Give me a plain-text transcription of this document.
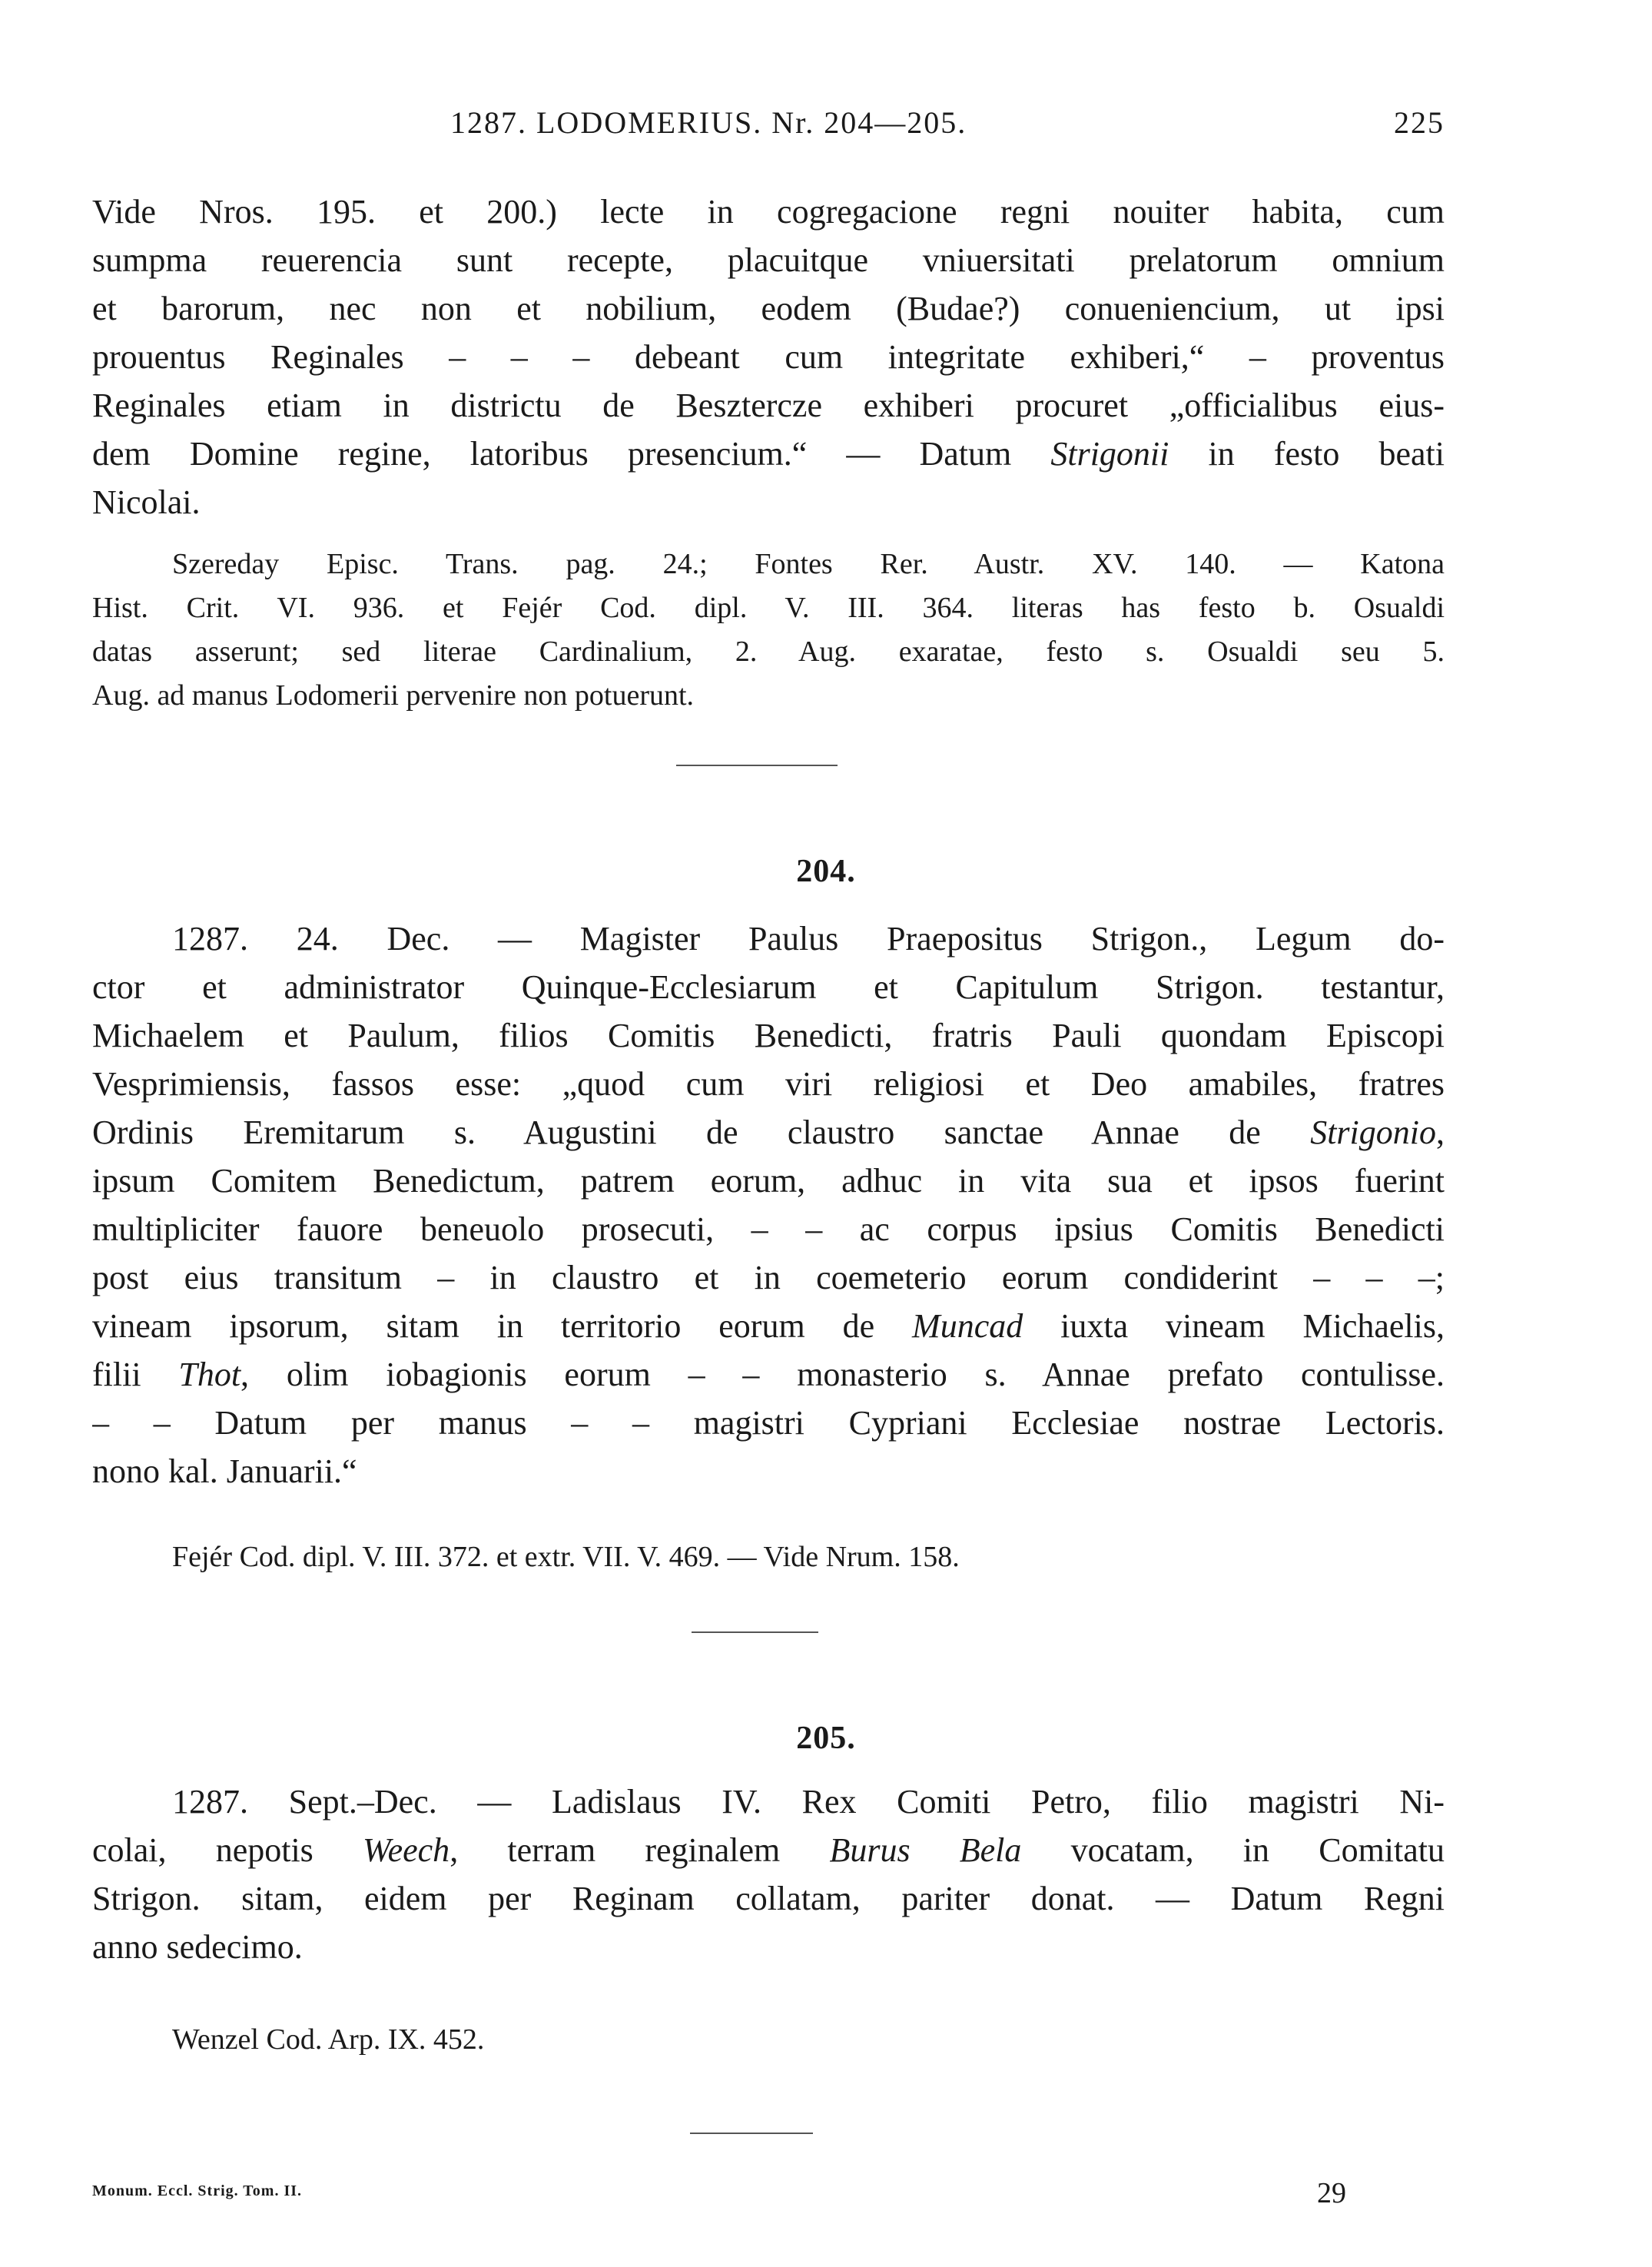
1287. LODOMERIUS. Nr. 204—205.	225
Vide Nros. 195. et 200.) lecte in cogregacione regni nouiter habita, cum
sumpma reuerencia sunt recepte, placuitque vniuersitati prelatorum omnium
et barorum, nec non et nobilium, eodem (Budae?) conueniencium, ut ipsi
prouentus Reginales – – – debeant cum integritate exhiberi,“ – proventus
Reginales etiam in districtu de Besztercze exhiberi procuret „officialibus eius-
dem Domine regine, latoribus presencium.“ — Datum Strigonii in festo beati
Nicolai.
Szereday Episc. Trans. pag. 24.; Fontes Rer. Austr. XV. 140. — Katona
Hist. Crit. VI. 936. et Fejér Cod. dipl. V. III. 364. literas has festo b. Osualdi
datas asserunt; sed literae Cardinalium, 2. Aug. exaratae, festo s. Osualdi seu 5.
Aug. ad manus Lodomerii pervenire non potuerunt.
204.
1287. 24. Dec. — Magister Paulus Praepositus Strigon., Legum do-
ctor et administrator Quinque-Ecclesiarum et Capitulum Strigon. testantur,
Michaelem et Paulum, filios Comitis Benedicti, fratris Pauli quondam Episcopi
Vesprimiensis, fassos esse: „quod cum viri religiosi et Deo amabiles, fratres
Ordinis Eremitarum s. Augustini de claustro sanctae Annae de Strigonio,
ipsum Comitem Benedictum, patrem eorum, adhuc in vita sua et ipsos fuerint
multipliciter fauore beneuolo prosecuti, – – ac corpus ipsius Comitis Benedicti
post eius transitum – in claustro et in coemeterio eorum condiderint – – –;
vineam ipsorum, sitam in territorio eorum de Muncad iuxta vineam Michaelis,
filii Thot, olim iobagionis eorum – – monasterio s. Annae prefato contulisse.
– – Datum per manus – – magistri Cypriani Ecclesiae nostrae Lectoris.
nono kal. Januarii.“
Fejér Cod. dipl. V. III. 372. et extr. VII. V. 469. — Vide Nrum. 158.
205.
1287. Sept.–Dec. — Ladislaus IV. Rex Comiti Petro, filio magistri Ni-
colai, nepotis Weech, terram reginalem Burus Bela vocatam, in Comitatu
Strigon. sitam, eidem per Reginam collatam, pariter donat. — Datum Regni
anno sedecimo.
Wenzel Cod. Arp. IX. 452.
Monum. Eccl. Strig. Tom. II.	29
